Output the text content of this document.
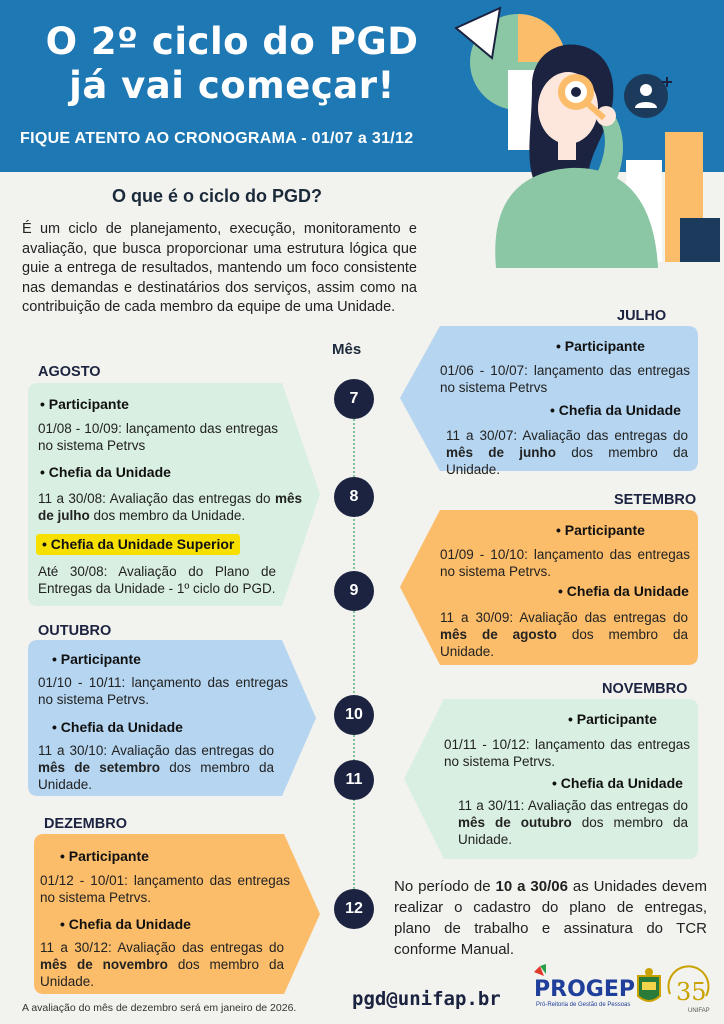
O 2º ciclo do PGD
já vai começar!
FIQUE ATENTO AO CRONOGRAMA - 01/07 a 31/12
O que é o ciclo do PGD?
É um ciclo de planejamento, execução, monitoramento e avaliação, que busca proporcionar uma estrutura lógica que guie a entrega de resultados, mantendo um foco consistente nas demandas e destinatários dos serviços, assim como na contribuição de cada membro da equipe de uma Unidade.
Mês
7
8
9
10
11
12
JULHO
• Participante
01/06 - 10/07: lançamento das entregas no sistema Petrvs
• Chefia da Unidade
11 a 30/07: Avaliação das entregas do mês de junho dos membro da Unidade.
AGOSTO
• Participante
01/08 - 10/09: lançamento das entregas no sistema Petrvs
• Chefia da Unidade
11 a 30/08: Avaliação das entregas do mês de julho dos membro da Unidade.
• Chefia da Unidade Superior
Até 30/08: Avaliação do Plano de Entregas da Unidade - 1º ciclo do PGD.
SETEMBRO
• Participante
01/09 - 10/10: lançamento das entregas no sistema Petrvs.
• Chefia da Unidade
11 a 30/09: Avaliação das entregas do mês de agosto dos membro da Unidade.
OUTUBRO
• Participante
01/10 - 10/11: lançamento das entregas no sistema Petrvs.
• Chefia da Unidade
11 a 30/10: Avaliação das entregas do mês de setembro dos membro da Unidade.
NOVEMBRO
• Participante
01/11 - 10/12: lançamento das entregas no sistema Petrvs.
• Chefia da Unidade
11 a 30/11: Avaliação das entregas do mês de outubro dos membro da Unidade.
DEZEMBRO
• Participante
01/12 - 10/01: lançamento das entregas no sistema Petrvs.
• Chefia da Unidade
11 a 30/12: Avaliação das entregas do mês de novembro dos membro da Unidade.
No período de 10 a 30/06 as Unidades devem realizar o cadastro do plano de entregas, plano de trabalho e assinatura do TCR conforme Manual.
A avaliação do mês de dezembro será em janeiro de 2026.	pgd@unifap.br PROGEP
Pró-Reitoria de Gestão de Pessoas 35
UNIFAP
